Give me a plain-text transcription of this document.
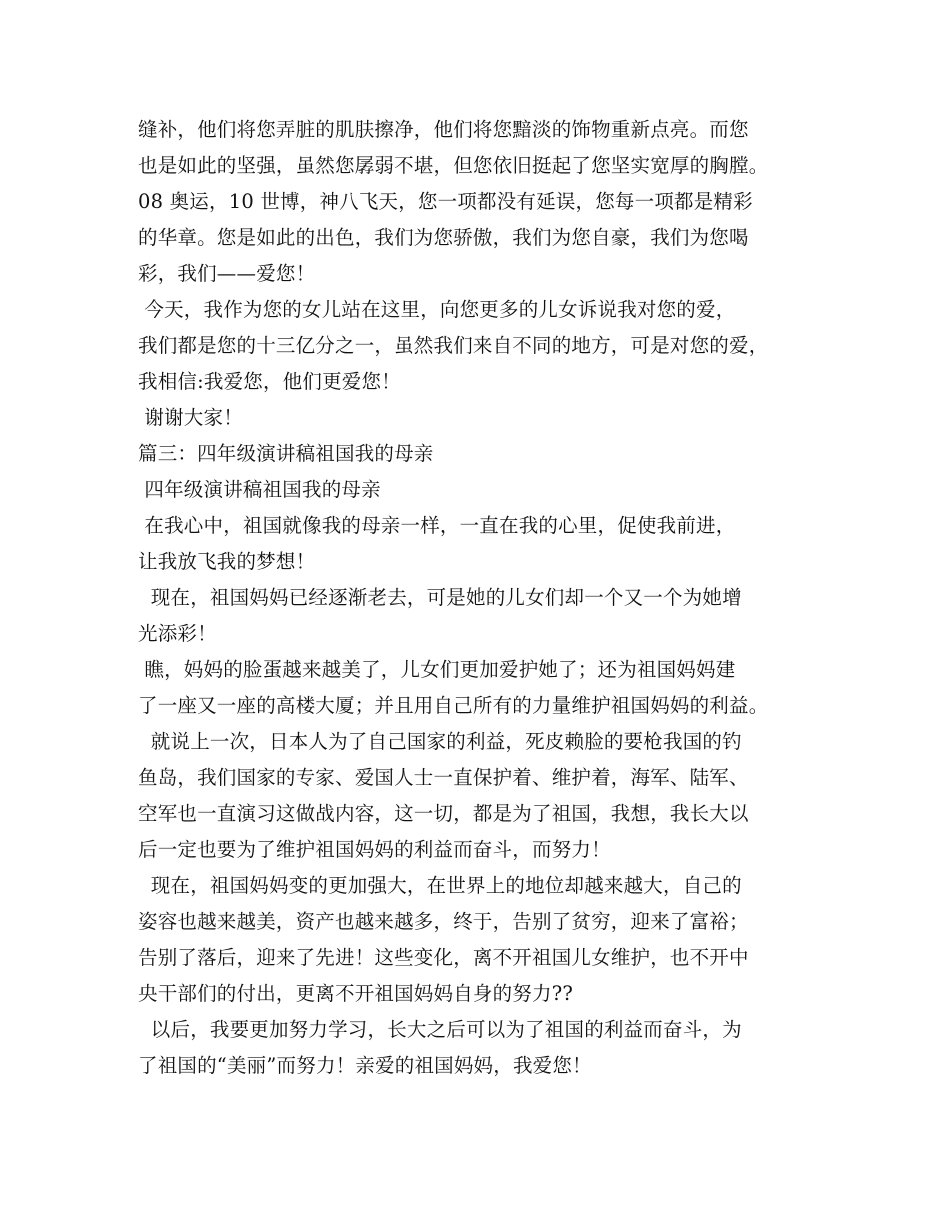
缝补，他们将您弄脏的肌肤擦净，他们将您黯淡的饰物重新点亮。而您
也是如此的坚强，虽然您孱弱不堪，但您依旧挺起了您坚实宽厚的胸膛。
08 奥运，10 世博，神八飞天，您一项都没有延误，您每一项都是精彩
的华章。您是如此的出色，我们为您骄傲，我们为您自豪，我们为您喝
彩，我们——爱您！
今天，我作为您的女儿站在这里，向您更多的儿女诉说我对您的爱，
我们都是您的十三亿分之一，虽然我们来自不同的地方，可是对您的爱，
我相信:我爱您，他们更爱您！
谢谢大家！
篇三：四年级演讲稿祖国我的母亲
四年级演讲稿祖国我的母亲
在我心中，祖国就像我的母亲一样，一直在我的心里，促使我前进，
让我放飞我的梦想！
现在，祖国妈妈已经逐渐老去，可是她的儿女们却一个又一个为她增
光添彩！
瞧，妈妈的脸蛋越来越美了，儿女们更加爱护她了；还为祖国妈妈建
了一座又一座的高楼大厦；并且用自己所有的力量维护祖国妈妈的利益。
就说上一次，日本人为了自己国家的利益，死皮赖脸的要枪我国的钓
鱼岛，我们国家的专家、爱国人士一直保护着、维护着，海军、陆军、
空军也一直演习这做战内容，这一切，都是为了祖国，我想，我长大以
后一定也要为了维护祖国妈妈的利益而奋斗，而努力！
现在，祖国妈妈变的更加强大，在世界上的地位却越来越大，自己的
姿容也越来越美，资产也越来越多，终于，告别了贫穷，迎来了富裕；
告别了落后，迎来了先进！这些变化，离不开祖国儿女维护，也不开中
央干部们的付出，更离不开祖国妈妈自身的努力??
以后，我要更加努力学习，长大之后可以为了祖国的利益而奋斗，为
了祖国的“美丽”而努力！亲爱的祖国妈妈，我爱您！
